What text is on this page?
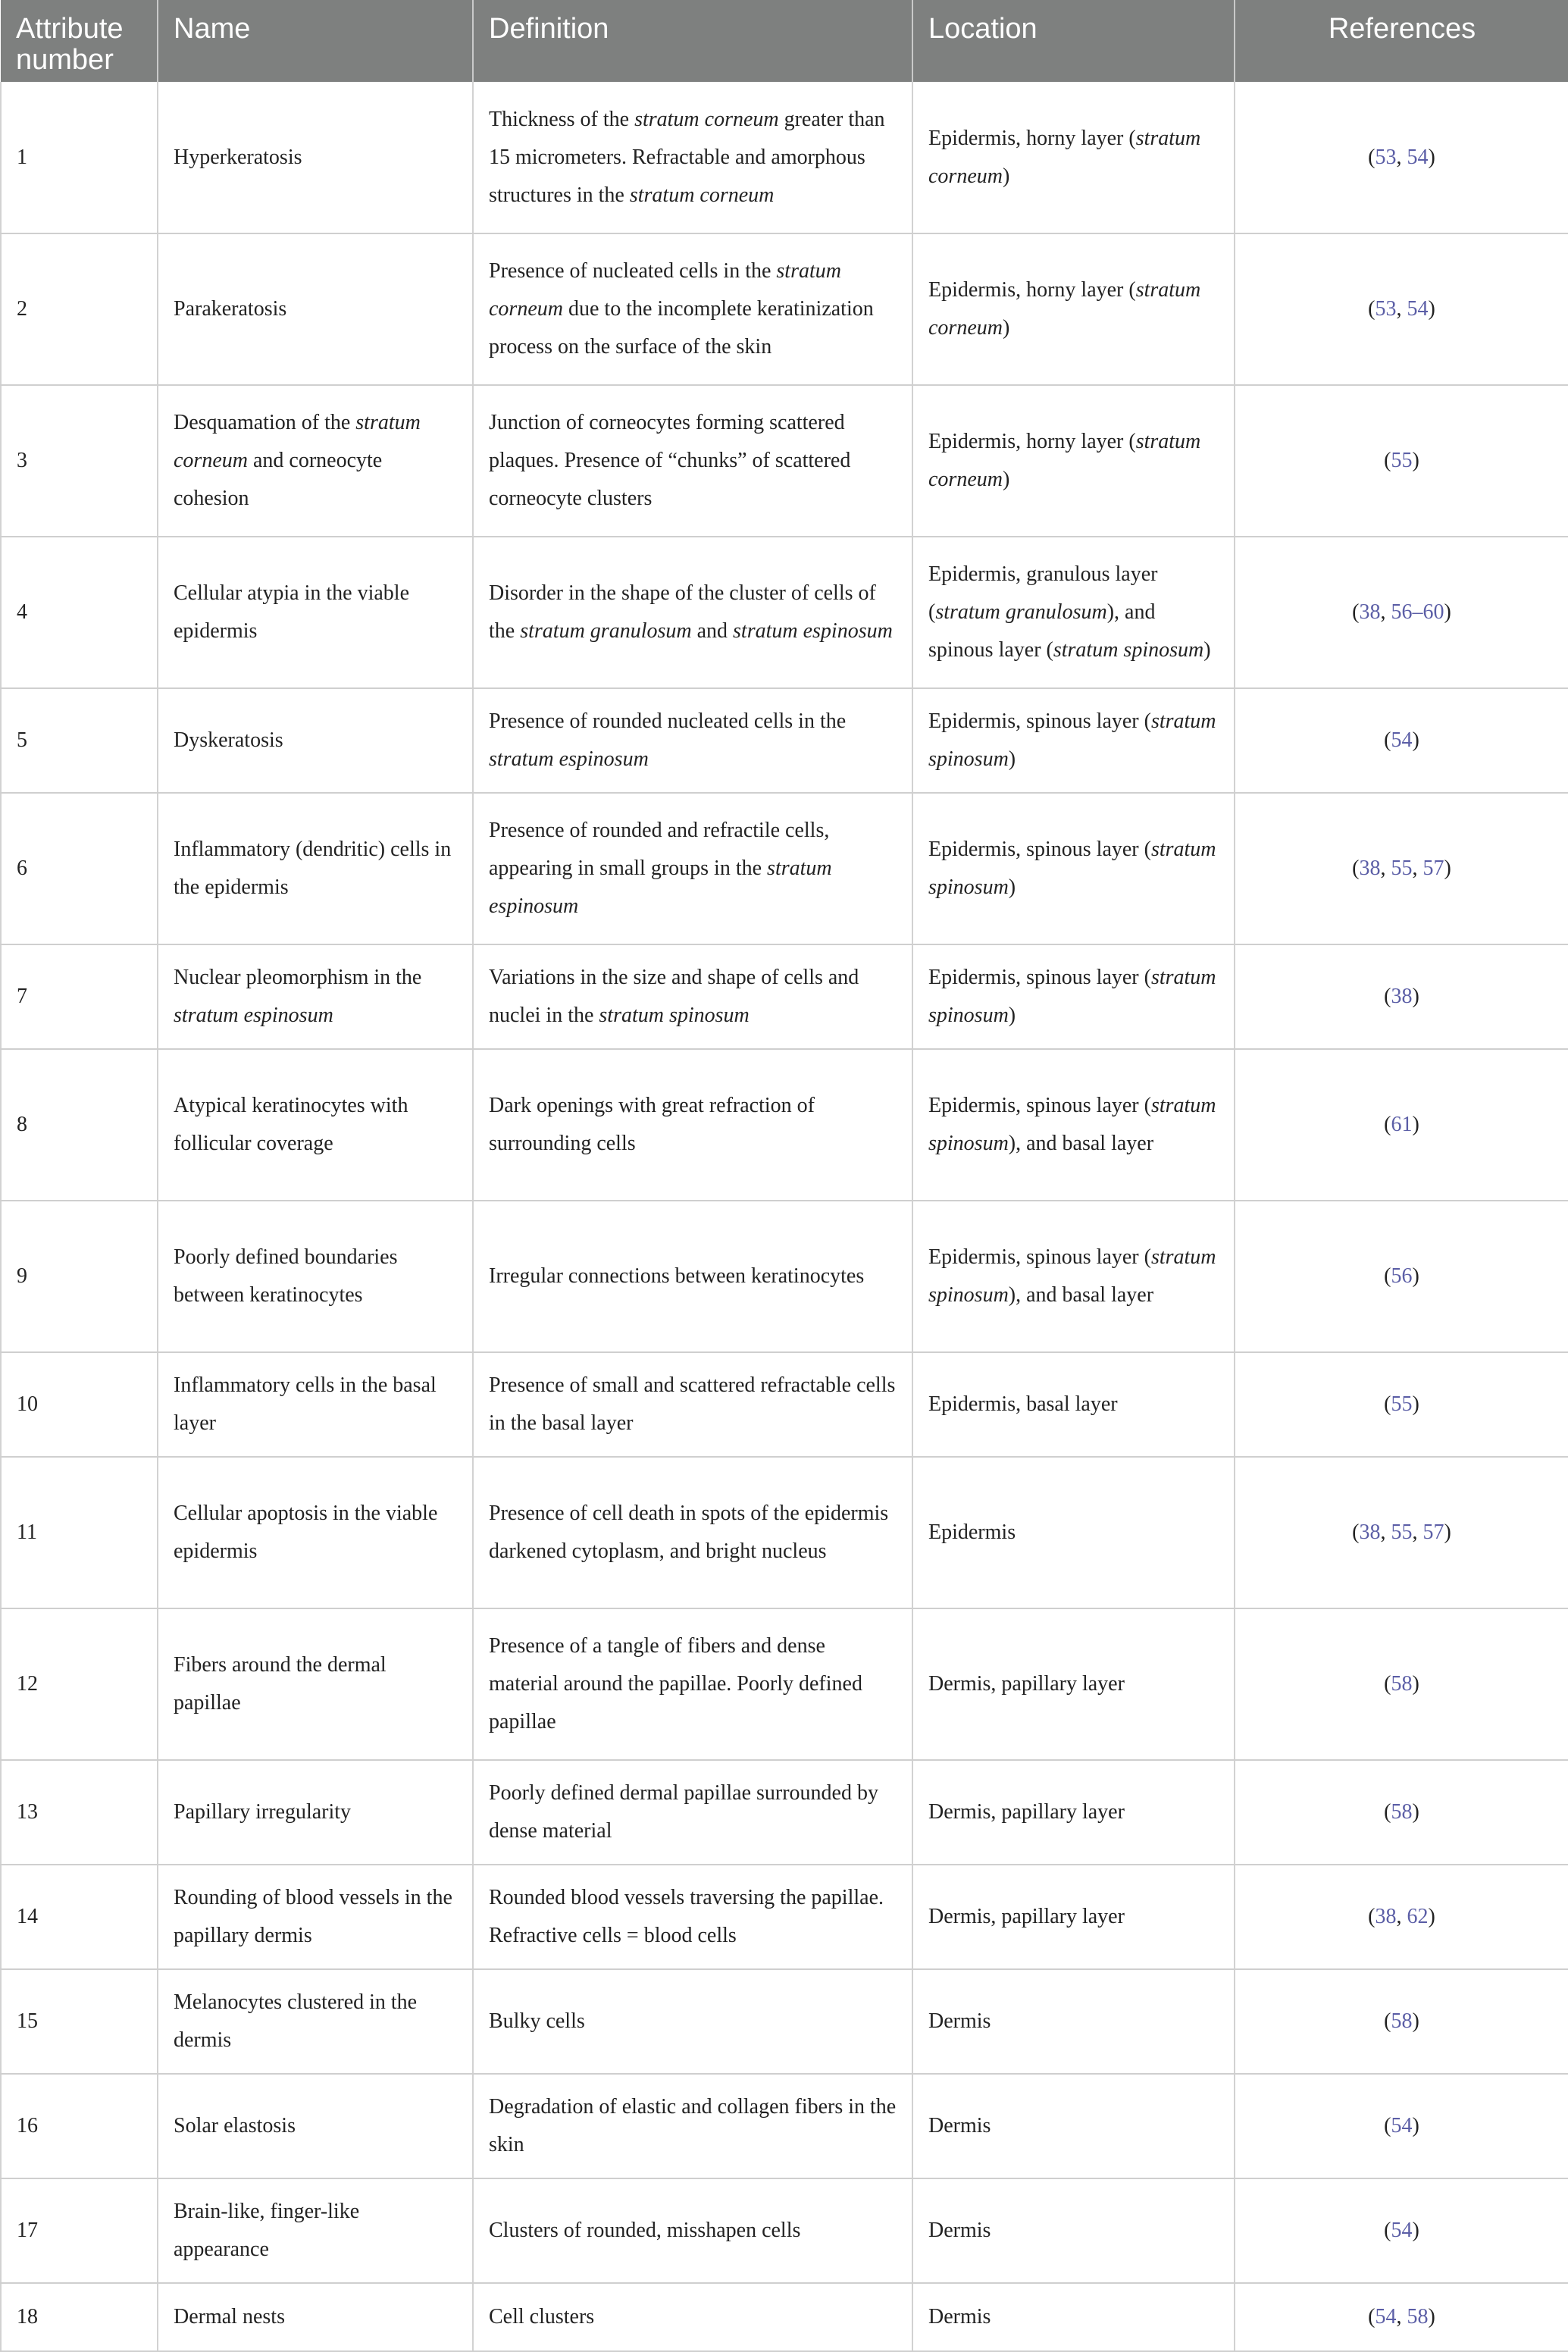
Attribute number	Name	Definition	Location	References
1	Hyperkeratosis	Thickness of the stratum corneum greater than 15 micrometers. Refractable and amorphous structures in the stratum corneum	Epidermis, horny layer (stratum corneum)	(53, 54)
2	Parakeratosis	Presence of nucleated cells in the stratum corneum due to the incomplete keratinization process on the surface of the skin	Epidermis, horny layer (stratum corneum)	(53, 54)
3	Desquamation of the stratum corneum and corneocyte cohesion	Junction of corneocytes forming scattered plaques. Presence of “chunks” of scattered corneocyte clusters	Epidermis, horny layer (stratum corneum)	(55)
4	Cellular atypia in the viable epidermis	Disorder in the shape of the cluster of cells of the stratum granulosum and stratum espinosum	Epidermis, granulous layer (stratum granulosum), and spinous layer (stratum spinosum)	(38, 56–60)
5	Dyskeratosis	Presence of rounded nucleated cells in the stratum espinosum	Epidermis, spinous layer (stratum spinosum)	(54)
6	Inflammatory (dendritic) cells in the epidermis	Presence of rounded and refractile cells, appearing in small groups in the stratum espinosum	Epidermis, spinous layer (stratum spinosum)	(38, 55, 57)
7	Nuclear pleomorphism in the stratum espinosum	Variations in the size and shape of cells and nuclei in the stratum spinosum	Epidermis, spinous layer (stratum spinosum)	(38)
8	Atypical keratinocytes with follicular coverage	Dark openings with great refraction of surrounding cells	Epidermis, spinous layer (stratum spinosum), and basal layer	(61)
9	Poorly defined boundaries between keratinocytes	Irregular connections between keratinocytes	Epidermis, spinous layer (stratum spinosum), and basal layer	(56)
10	Inflammatory cells in the basal layer	Presence of small and scattered refractable cells in the basal layer	Epidermis, basal layer	(55)
11	Cellular apoptosis in the viable epidermis	Presence of cell death in spots of the epidermis darkened cytoplasm, and bright nucleus	Epidermis	(38, 55, 57)
12	Fibers around the dermal papillae	Presence of a tangle of fibers and dense material around the papillae. Poorly defined papillae	Dermis, papillary layer	(58)
13	Papillary irregularity	Poorly defined dermal papillae surrounded by dense material	Dermis, papillary layer	(58)
14	Rounding of blood vessels in the papillary dermis	Rounded blood vessels traversing the papillae. Refractive cells = blood cells	Dermis, papillary layer	(38, 62)
15	Melanocytes clustered in the dermis	Bulky cells	Dermis	(58)
16	Solar elastosis	Degradation of elastic and collagen fibers in the skin	Dermis	(54)
17	Brain-like, finger-like appearance	Clusters of rounded, misshapen cells	Dermis	(54)
18	Dermal nests	Cell clusters	Dermis	(54, 58)
